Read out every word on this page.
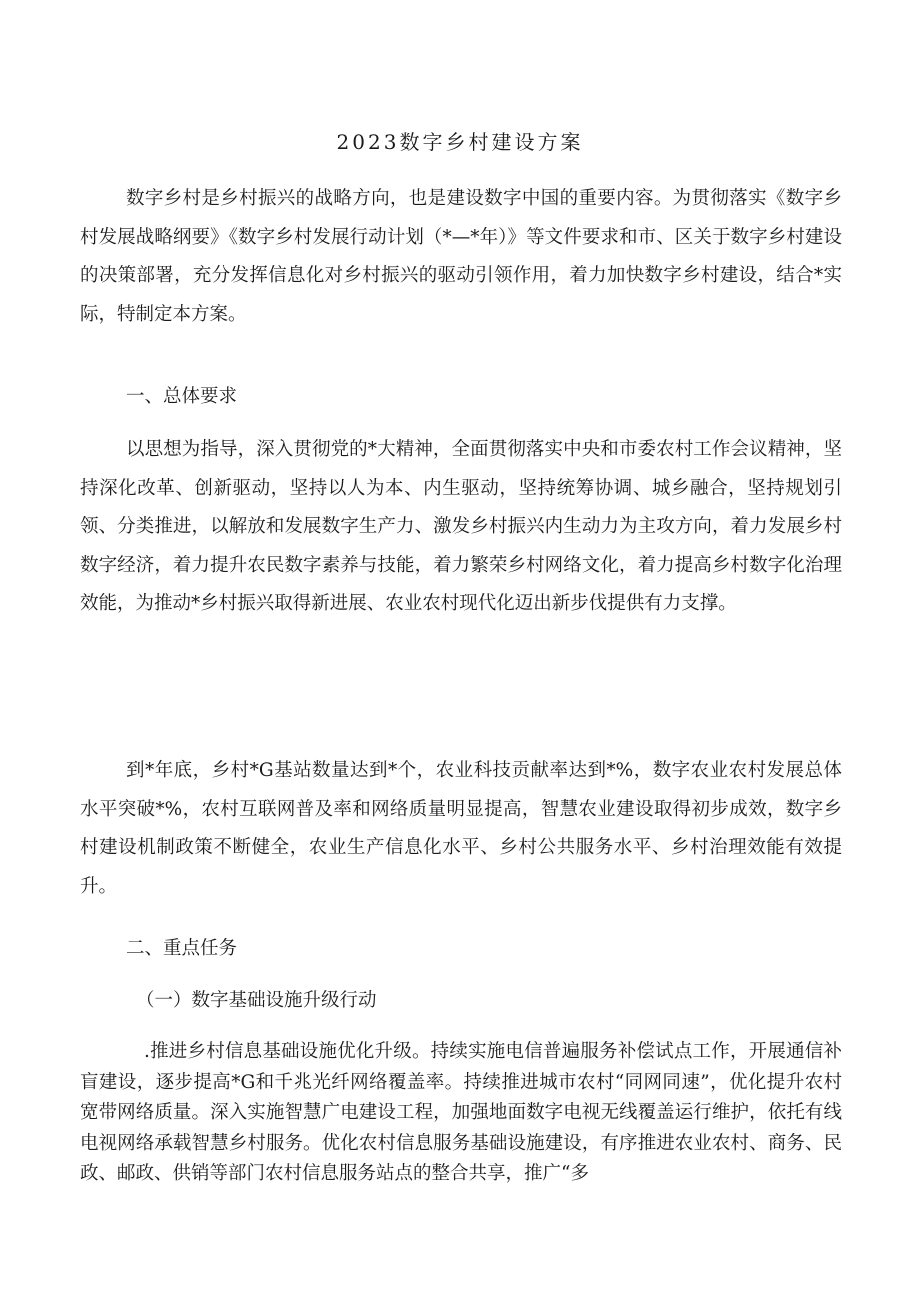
2023数字乡村建设方案

数字乡村是乡村振兴的战略方向，也是建设数字中国的重要内容。为贯彻落实《数字乡村发展战略纲要》《数字乡村发展行动计划（*—*年）》等文件要求和市、区关于数字乡村建设的决策部署，充分发挥信息化对乡村振兴的驱动引领作用，着力加快数字乡村建设，结合*实际，特制定本方案。

一、总体要求

以思想为指导，深入贯彻党的*大精神，全面贯彻落实中央和市委农村工作会议精神，坚持深化改革、创新驱动，坚持以人为本、内生驱动，坚持统筹协调、城乡融合，坚持规划引领、分类推进，以解放和发展数字生产力、激发乡村振兴内生动力为主攻方向，着力发展乡村数字经济，着力提升农民数字素养与技能，着力繁荣乡村网络文化，着力提高乡村数字化治理效能，为推动*乡村振兴取得新进展、农业农村现代化迈出新步伐提供有力支撑。

到*年底，乡村*G基站数量达到*个，农业科技贡献率达到*%，数字农业农村发展总体水平突破*%，农村互联网普及率和网络质量明显提高，智慧农业建设取得初步成效，数字乡村建设机制政策不断健全，农业生产信息化水平、乡村公共服务水平、乡村治理效能有效提升。

二、重点任务
（一）数字基础设施升级行动

.推进乡村信息基础设施优化升级。持续实施电信普遍服务补偿试点工作，开展通信补盲建设，逐步提高*G和千兆光纤网络覆盖率。持续推进城市农村“同网同速”，优化提升农村宽带网络质量。深入实施智慧广电建设工程，加强地面数字电视无线覆盖运行维护，依托有线电视网络承载智慧乡村服务。优化农村信息服务基础设施建设，有序推进农业农村、商务、民政、邮政、供销等部门农村信息服务站点的整合共享，推广“多
